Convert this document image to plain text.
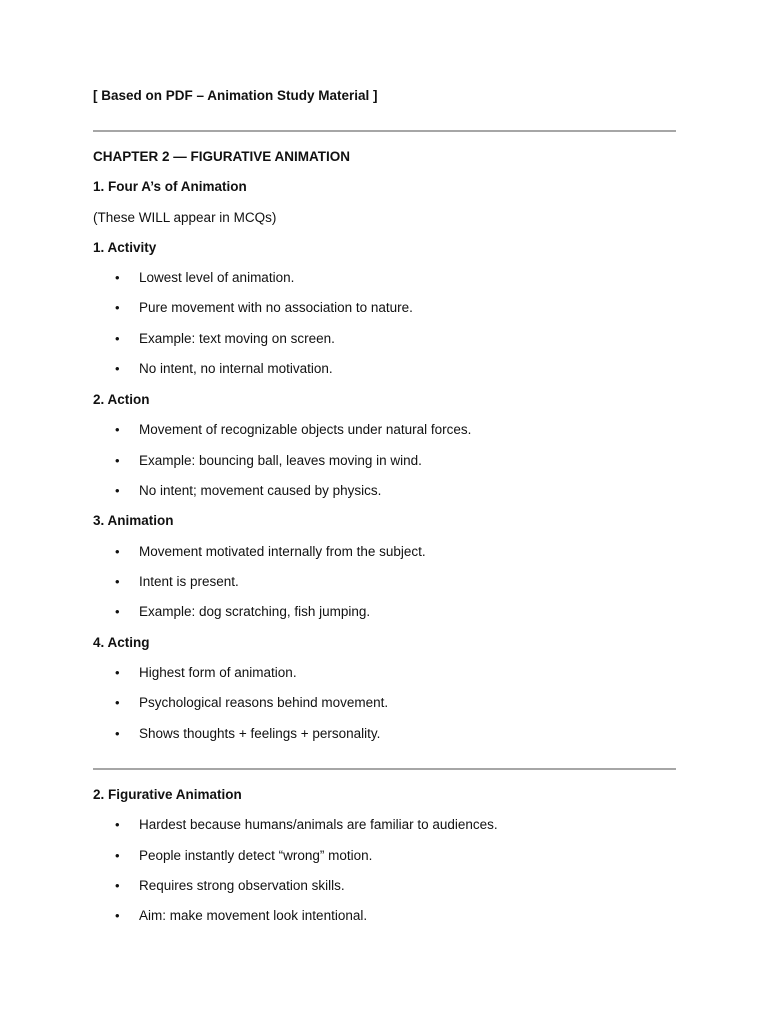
[ Based on PDF – Animation Study Material ]
CHAPTER 2 — FIGURATIVE ANIMATION
1. Four A’s of Animation
(These WILL appear in MCQs)
1. Activity
• Lowest level of animation.
• Pure movement with no association to nature.
• Example: text moving on screen.
• No intent, no internal motivation.
2. Action
• Movement of recognizable objects under natural forces.
• Example: bouncing ball, leaves moving in wind.
• No intent; movement caused by physics.
3. Animation
• Movement motivated internally from the subject.
• Intent is present.
• Example: dog scratching, fish jumping.
4. Acting
• Highest form of animation.
• Psychological reasons behind movement.
• Shows thoughts + feelings + personality.
2. Figurative Animation
• Hardest because humans/animals are familiar to audiences.
• People instantly detect “wrong” motion.
• Requires strong observation skills.
• Aim: make movement look intentional.
